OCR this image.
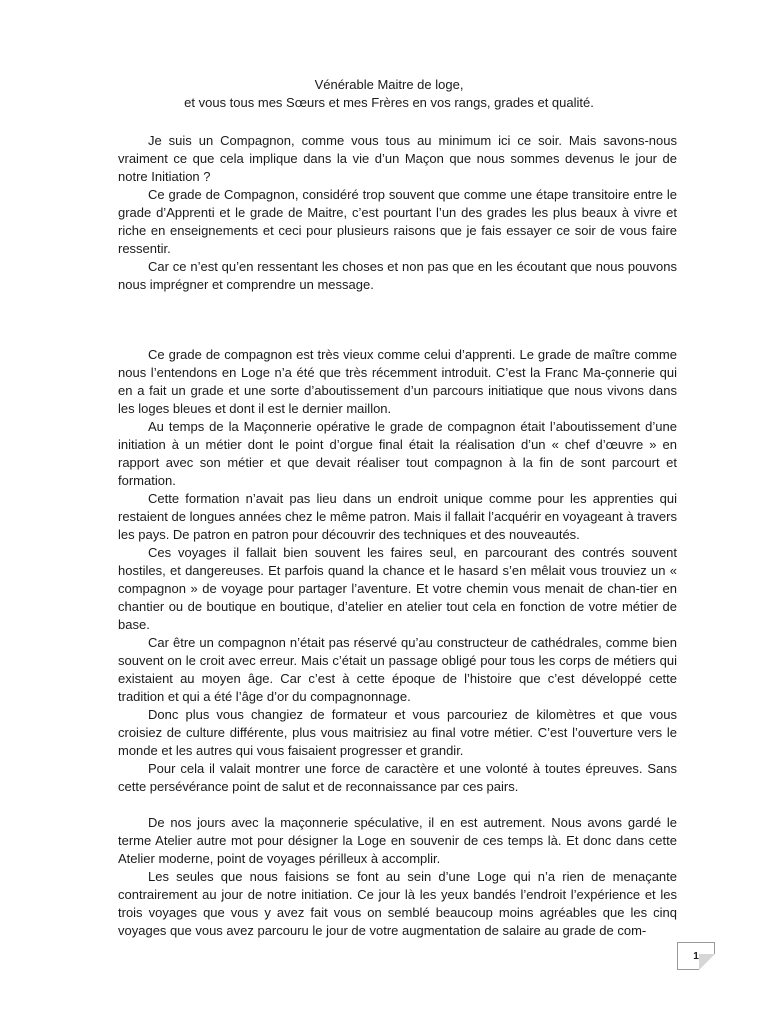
Vénérable Maitre de loge,
et vous tous mes Sœurs et mes Frères en vos rangs, grades et qualité.

Je suis un Compagnon, comme vous tous au minimum ici ce soir. Mais savons-nous vraiment ce que cela implique dans la vie d’un Maçon que nous sommes devenus le jour de notre Initiation ?

Ce grade de Compagnon, considéré trop souvent que comme une étape transitoire entre le grade d’Apprenti et le grade de Maitre, c’est pourtant l’un des grades les plus beaux à vivre et riche en enseignements et ceci pour plusieurs raisons que je fais essayer ce soir de vous faire ressentir.

Car ce n’est qu’en ressentant les choses et non pas que en les écoutant que nous pouvons nous imprégner et comprendre un message.

Ce grade de compagnon est très vieux comme celui d’apprenti. Le grade de maître comme nous l’entendons en Loge n’a été que très récemment introduit. C’est la Franc Ma-çonnerie qui en a fait un grade et une sorte d’aboutissement d’un parcours initiatique que nous vivons dans les loges bleues et dont il est le dernier maillon.

Au temps de la Maçonnerie opérative le grade de compagnon était l’aboutissement d’une initiation à un métier dont le point d’orgue final était la réalisation d’un « chef d’œuvre » en rapport avec son métier et que devait réaliser tout compagnon à la fin de sont parcourt et formation.

Cette formation n’avait pas lieu dans un endroit unique comme pour les apprenties qui restaient de longues années chez le même patron. Mais il fallait l’acquérir en voyageant à travers les pays. De patron en patron pour découvrir des techniques et des nouveautés.

Ces voyages il fallait bien souvent les faires seul, en parcourant des contrés souvent hostiles, et dangereuses. Et parfois quand la chance et le hasard s’en mêlait vous trouviez un « compagnon » de voyage pour partager l’aventure. Et votre chemin vous menait de chan-tier en chantier ou de boutique en boutique, d’atelier en atelier tout cela en fonction de votre métier de base.

Car être un compagnon n’était pas réservé qu’au constructeur de cathédrales, comme bien souvent on le croit avec erreur. Mais c’était un passage obligé pour tous les corps de métiers qui existaient au moyen âge. Car c’est à cette époque de l’histoire que c’est développé cette tradition et qui a été l’âge d’or du compagnonnage.

Donc plus vous changiez de formateur et vous parcouriez de kilomètres et que vous croisiez de culture différente, plus vous maitrisiez au final votre métier. C’est l’ouverture vers le monde et les autres qui vous faisaient progresser et grandir.

Pour cela il valait montrer une force de caractère et une volonté à toutes épreuves. Sans cette persévérance point de salut et de reconnaissance par ces pairs.

De nos jours avec la maçonnerie spéculative, il en est autrement. Nous avons gardé le terme Atelier autre mot pour désigner la Loge en souvenir de ces temps là. Et donc dans cette Atelier moderne, point de voyages périlleux à accomplir.

Les seules que nous faisions se font au sein d’une Loge qui n’a rien de menaçante contrairement au jour de notre initiation. Ce jour là les yeux bandés l’endroit l’expérience et les trois voyages que vous y avez fait vous on semblé beaucoup moins agréables que les cinq voyages que vous avez parcouru le jour de votre augmentation de salaire au grade de com-

1
